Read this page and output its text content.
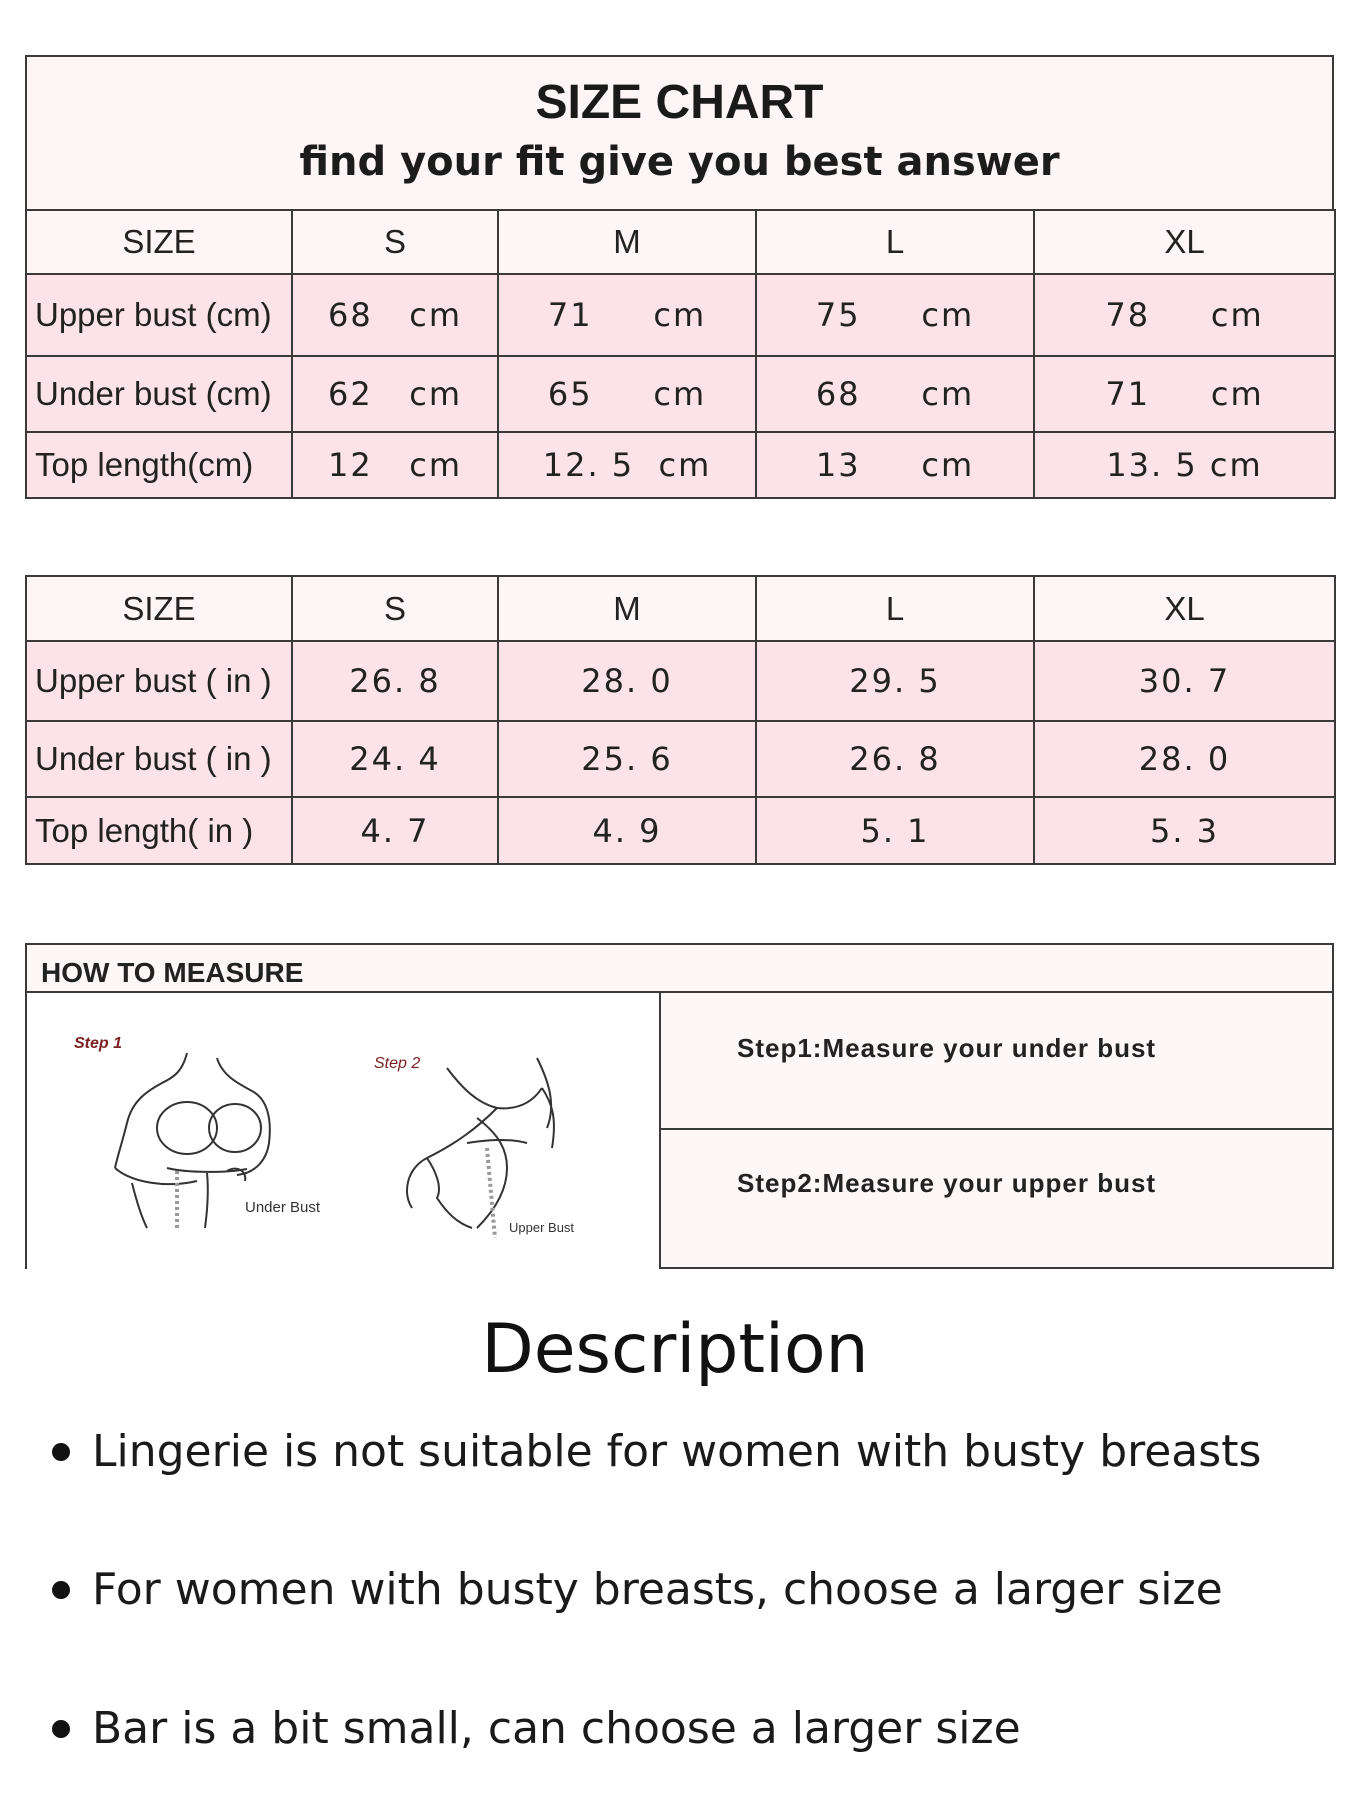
SIZE CHART
find your fit give you best answer
SIZE	S	M	L	XL
Upper bust (cm)	68   cm	71     cm	75     cm	78     cm
Under bust (cm)	62   cm	65     cm	68     cm	71     cm
Top length(cm)	12   cm	12. 5  cm	13     cm	13. 5 cm
SIZE	S	M	L	XL
Upper bust ( in )	26. 8	28. 0	29. 5	30. 7
Under bust ( in )	24. 4	25. 6	26. 8	28. 0
Top length( in )	4. 7	4. 9	5. 1	5. 3
HOW TO MEASURE
Step 1
Under Bust
Step 2
Upper Bust
Step1:Measure your under bust
Step2:Measure your upper bust
Description
Lingerie is not suitable for women with busty breasts
For women with busty breasts, choose a larger size
Bar is a bit small, can choose a larger size
